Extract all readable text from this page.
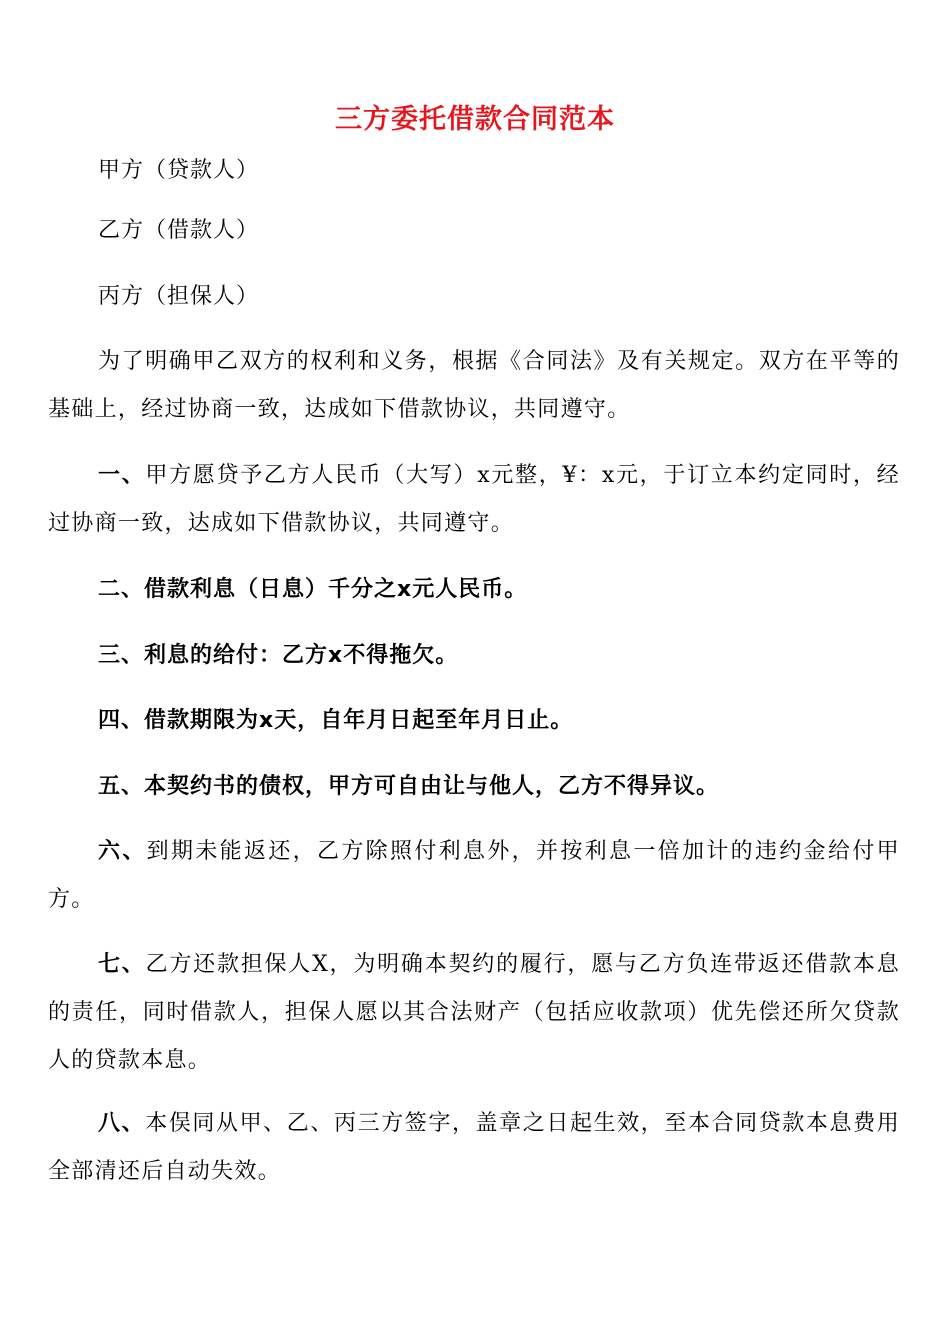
三方委托借款合同范本
甲方（贷款人）
乙方（借款人）
丙方（担保人）
为了明确甲乙双方的权利和义务，根据《合同法》及有关规定。双方在平等的基础上，经过协商一致，达成如下借款协议，共同遵守。
一、甲方愿贷予乙方人民币（大写）x元整，¥：x元，于订立本约定同时，经过协商一致，达成如下借款协议，共同遵守。
二、借款利息（日息）千分之x元人民币。
三、利息的给付：乙方x不得拖欠。
四、借款期限为x天，自年月日起至年月日止。
五、本契约书的债权，甲方可自由让与他人，乙方不得异议。
六、到期未能返还，乙方除照付利息外，并按利息一倍加计的违约金给付甲方。
七、乙方还款担保人X，为明确本契约的履行，愿与乙方负连带返还借款本息的责任，同时借款人，担保人愿以其合法财产（包括应收款项）优先偿还所欠贷款人的贷款本息。
八、本俣同从甲、乙、丙三方签字，盖章之日起生效，至本合同贷款本息费用全部清还后自动失效。
